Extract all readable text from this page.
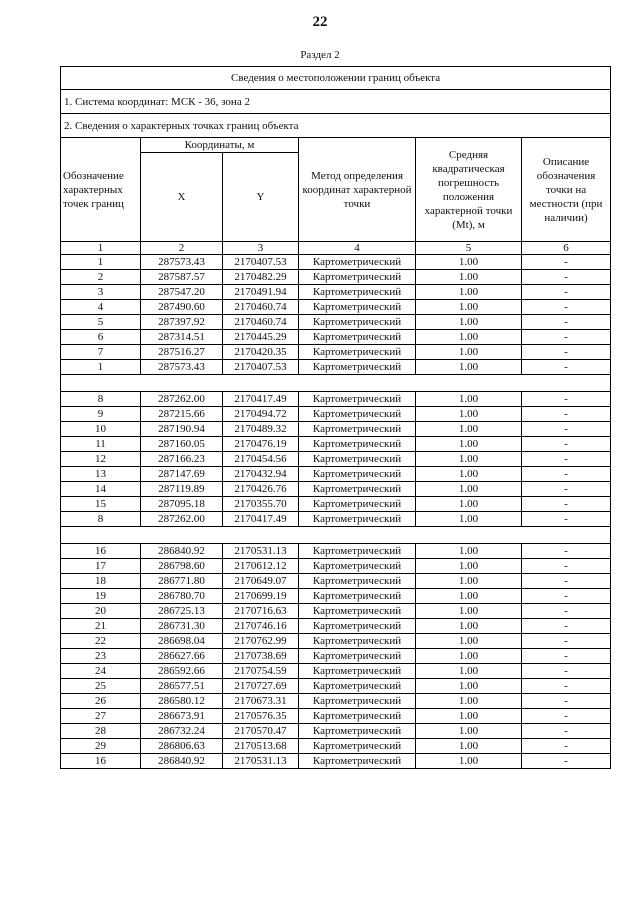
22
Раздел 2
Сведения о местоположении границ объекта					
1. Система координат: МСК - 36, зона 2					
2. Сведения о характерных точках границ объекта					
Обозначение характерных точек границ	Координаты, м		Метод определения координат характерной точки	Средняя квадратическая погрешность положения характерной точки (Mt), м	Описание обозначения точки на местности (при наличии)
	X	Y			
1	2	3	4	5	6
1	287573.43	2170407.53	Картометрический	1.00	-
2	287587.57	2170482.29	Картометрический	1.00	-
3	287547.20	2170491.94	Картометрический	1.00	-
4	287490.60	2170460.74	Картометрический	1.00	-
5	287397.92	2170460.74	Картометрический	1.00	-
6	287314.51	2170445.29	Картометрический	1.00	-
7	287516.27	2170420.35	Картометрический	1.00	-
1	287573.43	2170407.53	Картометрический	1.00	-

8	287262.00	2170417.49	Картометрический	1.00	-
9	287215.66	2170494.72	Картометрический	1.00	-
10	287190.94	2170489.32	Картометрический	1.00	-
11	287160.05	2170476.19	Картометрический	1.00	-
12	287166.23	2170454.56	Картометрический	1.00	-
13	287147.69	2170432.94	Картометрический	1.00	-
14	287119.89	2170426.76	Картометрический	1.00	-
15	287095.18	2170355.70	Картометрический	1.00	-
8	287262.00	2170417.49	Картометрический	1.00	-

16	286840.92	2170531.13	Картометрический	1.00	-
17	286798.60	2170612.12	Картометрический	1.00	-
18	286771.80	2170649.07	Картометрический	1.00	-
19	286780.70	2170699.19	Картометрический	1.00	-
20	286725.13	2170716.63	Картометрический	1.00	-
21	286731.30	2170746.16	Картометрический	1.00	-
22	286698.04	2170762.99	Картометрический	1.00	-
23	286627.66	2170738.69	Картометрический	1.00	-
24	286592.66	2170754.59	Картометрический	1.00	-
25	286577.51	2170727.69	Картометрический	1.00	-
26	286580.12	2170673.31	Картометрический	1.00	-
27	286673.91	2170576.35	Картометрический	1.00	-
28	286732.24	2170570.47	Картометрический	1.00	-
29	286806.63	2170513.68	Картометрический	1.00	-
16	286840.92	2170531.13	Картометрический	1.00	-
